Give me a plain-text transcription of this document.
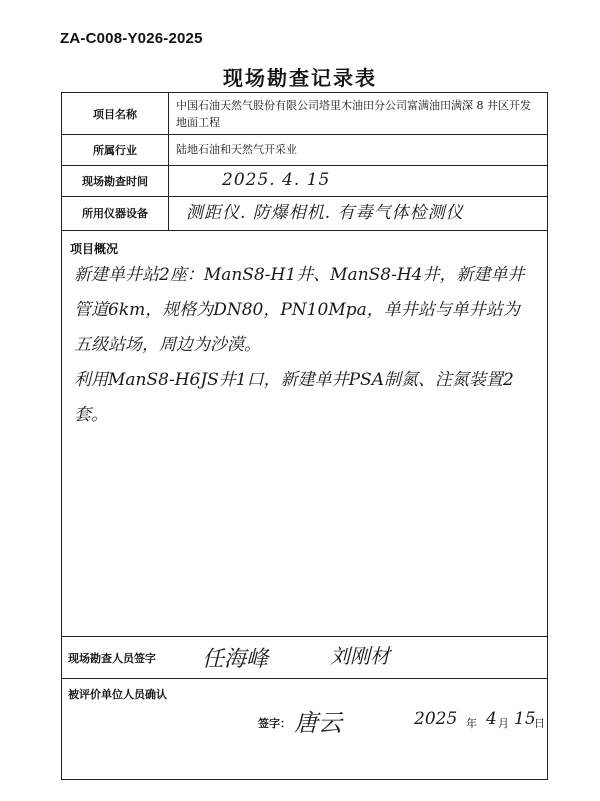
ZA-C008-Y026-2025
现场勘查记录表
项目名称
中国石油天然气股份有限公司塔里木油田分公司富满油田满深 8 井区开发地面工程
所属行业	陆地石油和天然气开采业
现场勘查时间	2025. 4. 15
所用仪器设备	测距仪. 防爆相机. 有毒气体检测仪
项目概况
新建单井站2座：ManS8-H1井、ManS8-H4井，新建单井管道6km，规格为DN80，PN10Mpa，单井站与单井站为五级站场，周边为沙漠。
利用ManS8-H6JS井1口，新建单井PSA制氮、注氮装置2套。
现场勘查人员签字 任海峰	刘刚材
被评价单位人员确认
签字： 唐云	2025 年 4 月 15
日
